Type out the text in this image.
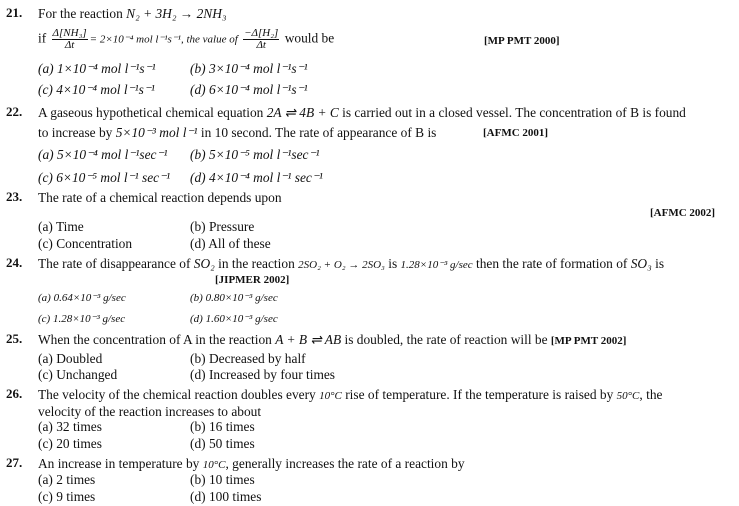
21. For the reaction N₂ + 3H₂ → 2NH₃
if $\frac{\text{Δ[NH₃]}}{\Delta t} = 2\times 10^{-4}$ mol l⁻¹s⁻¹, the value of $\frac{\text{−Δ[H₂]}}{\Delta t}$ would be	[MP PMT 2000]
(a) 1×10⁻⁴ mol l⁻¹s⁻¹	(b) 3×10⁻⁴ mol l⁻¹s⁻¹
(c) 4×10⁻⁴ mol l⁻¹s⁻¹	(d) 6×10⁻⁴ mol l⁻¹s⁻¹
22. A gaseous hypothetical chemical equation 2A ⇌ 4B + C is carried out in a closed vessel. The concentration of B is found
to increase by 5×10⁻³ mol l⁻¹ in 10 second. The rate of appearance of B is	[AFMC 2001]
(a) 5×10⁻⁴ mol l⁻¹sec⁻¹ (b) 5×10⁻⁵ mol l⁻¹sec⁻¹
(c) 6×10⁻⁵ mol l⁻¹ sec⁻¹ (d) 4×10⁻⁴ mol l⁻¹ sec⁻¹
23. The rate of a chemical reaction depends upon
[AFMC 2002]
(a) Time	(b) Pressure
(c) Concentration	(d) All of these
24. The rate of disappearance of SO₂ in the reaction 2SO₂ + O₂ → 2SO₃ is 1.28×10⁻³ g/sec then the rate of formation of SO₃ is
[JIPMER 2002]
(a) 0.64×10⁻³ g/sec	(b) 0.80×10⁻³ g/sec
(c) 1.28×10⁻³ g/sec	(d) 1.60×10⁻³ g/sec
25. When the concentration of A in the reaction A + B ⇌ AB is doubled, the rate of reaction will be [MP PMT 2002]
(a) Doubled	(b) Decreased by half
(c) Unchanged	(d) Increased by four times
26. The velocity of the chemical reaction doubles every 10°C rise of temperature. If the temperature is raised by 50°C, the
velocity of the reaction increases to about
(a) 32 times	(b) 16 times
(c) 20 times	(d) 50 times
27. An increase in temperature by 10°C, generally increases the rate of a reaction by
(a) 2 times	(b) 10 times
(c) 9 times	(d) 100 times
